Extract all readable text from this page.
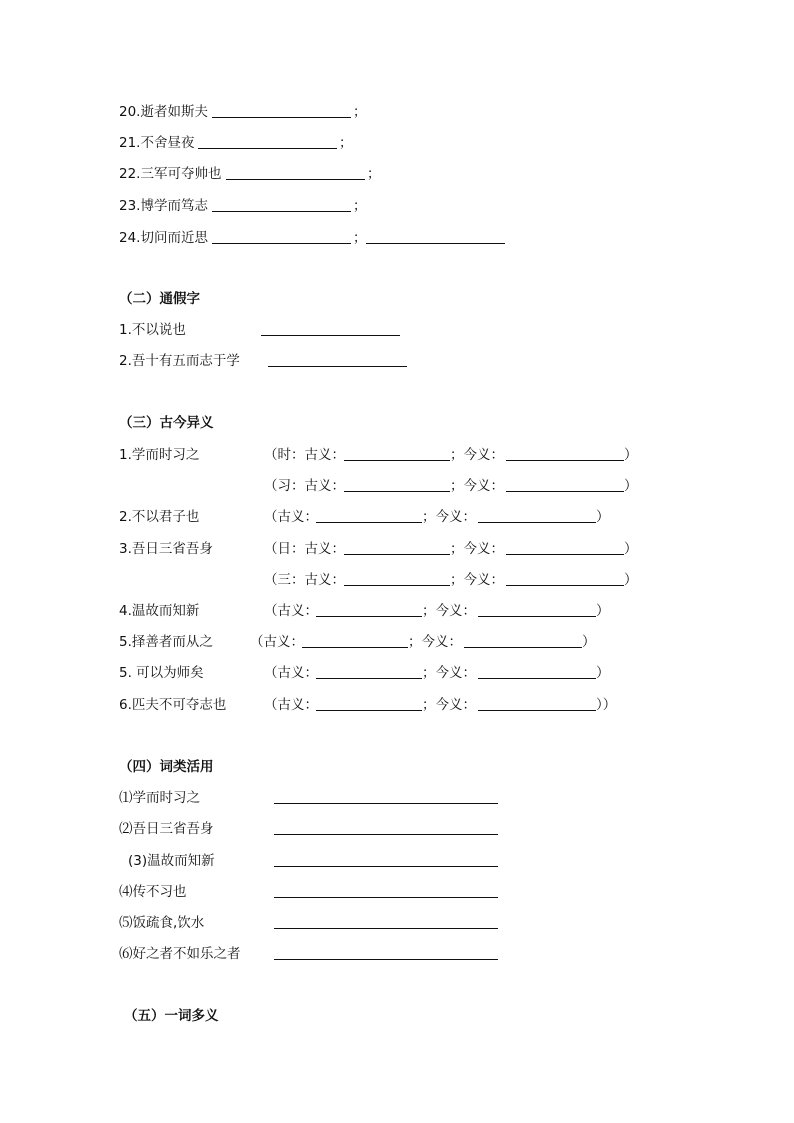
20.逝者如斯夫	；
21.不舍昼夜	；
22.三军可夺帅也	；
23.博学而笃志	；
24.切问而近思	；
（二）通假字
1.不以说也
2.吾十有五而志于学
（三）古今异义
1.学而时习之	（时：古义：	；今义：	）
（习：古义：	；今义：	）
2.不以君子也	（古义：	；今义：	）
3.吾日三省吾身	（日：古义：	；今义：	）
（三：古义：	；今义：	）
4.温故而知新	（古义：	；今义：	）
5.择善者而从之	（古义：	；今义：	）
5. 可以为师矣	（古义：	；今义：	）
6.匹夫不可夺志也	（古义：	；今义：	））
（四）词类活用
⑴学而时习之
⑵吾日三省吾身
(3)温故而知新
⑷传不习也
⑸饭疏食,饮水
⑹好之者不如乐之者
（五）一词多义
